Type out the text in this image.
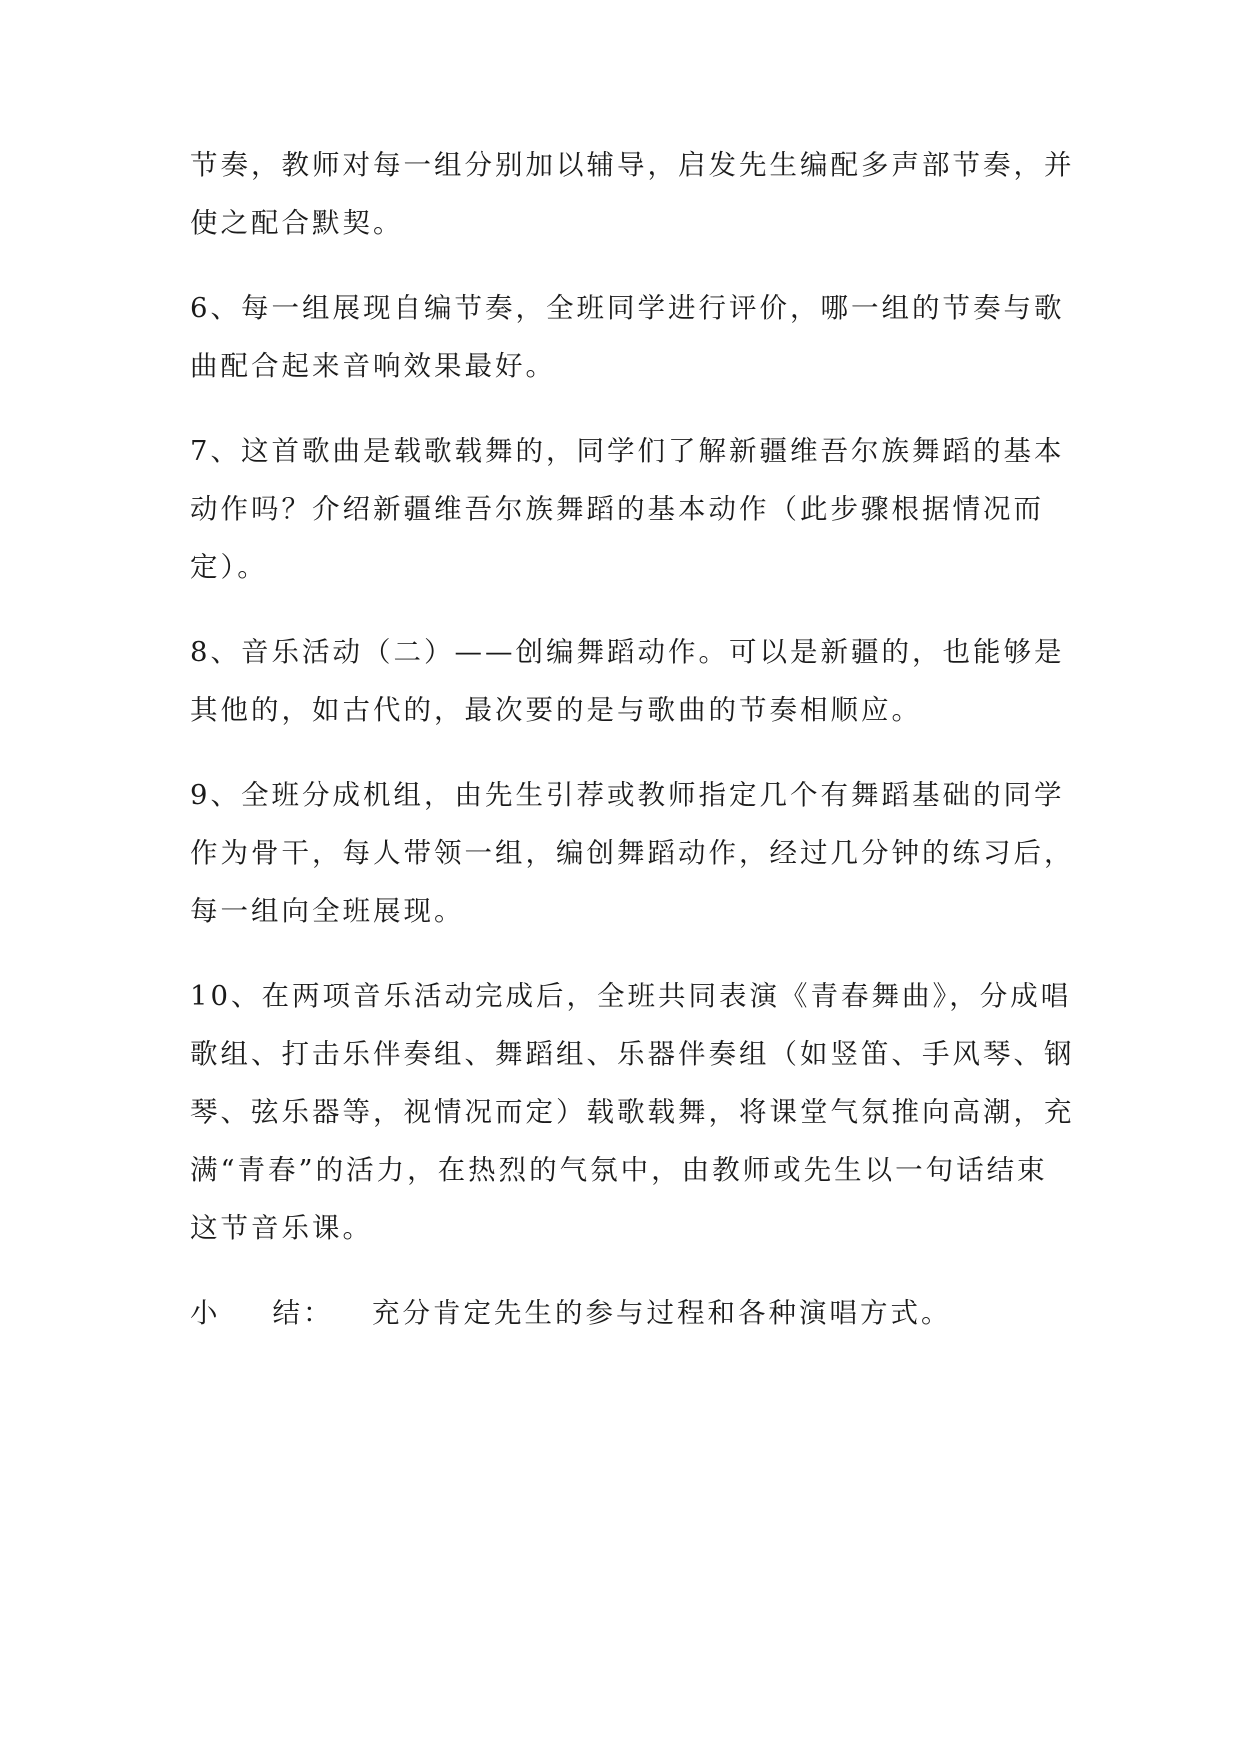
节奏，教师对每一组分别加以辅导，启发先生编配多声部节奏，并
使之配合默契。
6、每一组展现自编节奏，全班同学进行评价，哪一组的节奏与歌
曲配合起来音响效果最好。
7、这首歌曲是载歌载舞的，同学们了解新疆维吾尔族舞蹈的基本
动作吗？介绍新疆维吾尔族舞蹈的基本动作（此步骤根据情况而
定）。
8、音乐活动（二）——创编舞蹈动作。可以是新疆的，也能够是
其他的，如古代的，最次要的是与歌曲的节奏相顺应。
9、全班分成机组，由先生引荐或教师指定几个有舞蹈基础的同学
作为骨干，每人带领一组，编创舞蹈动作，经过几分钟的练习后，
每一组向全班展现。
10、在两项音乐活动完成后，全班共同表演《青春舞曲》，分成唱
歌组、打击乐伴奏组、舞蹈组、乐器伴奏组（如竖笛、手风琴、钢
琴、弦乐器等，视情况而定）载歌载舞，将课堂气氛推向高潮，充
满“青春”的活力，在热烈的气氛中，由教师或先生以一句话结束
这节音乐课。
小 结： 充分肯定先生的参与过程和各种演唱方式。
